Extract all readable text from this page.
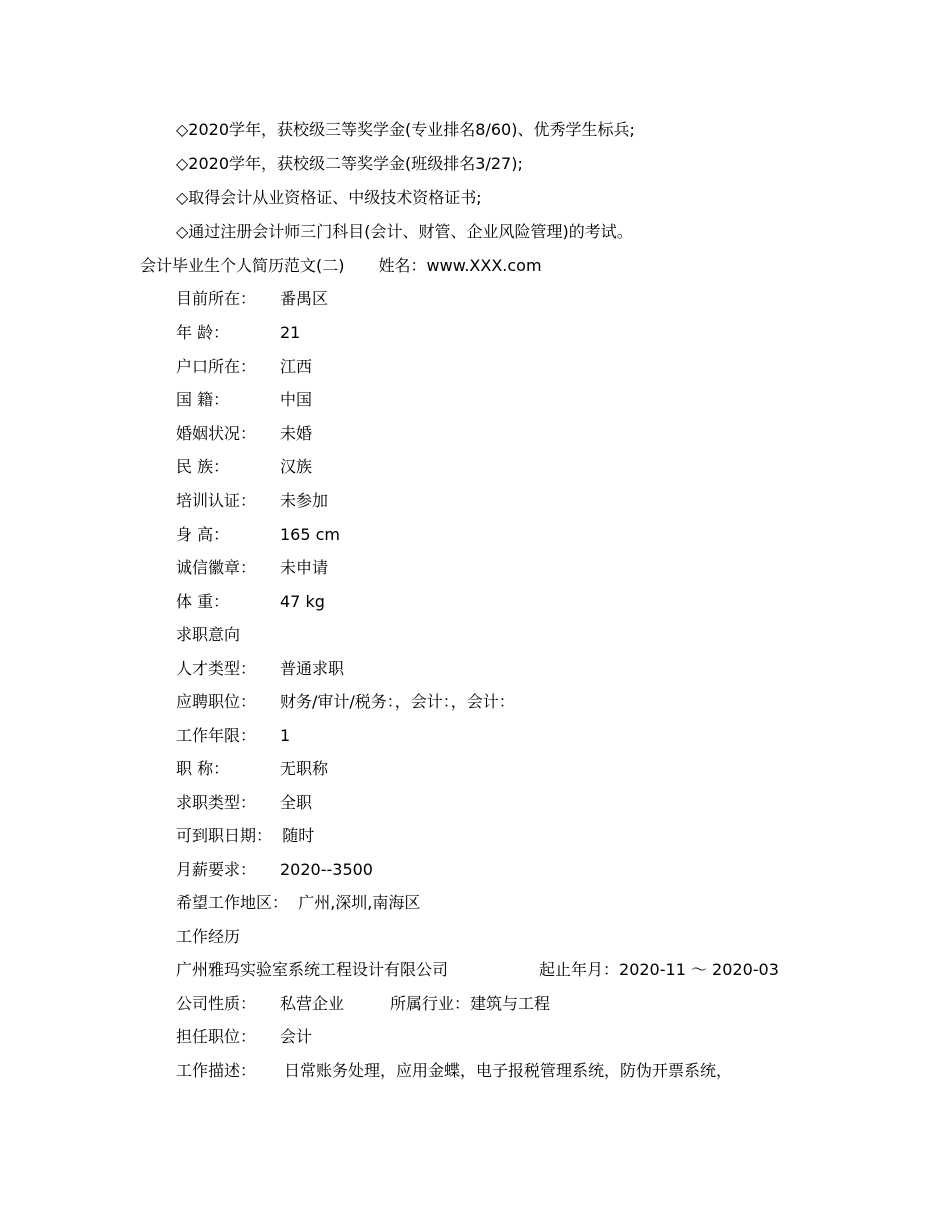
◇2020学年，获校级三等奖学金(专业排名8/60)、优秀学生标兵;
◇2020学年，获校级二等奖学金(班级排名3/27);
◇取得会计从业资格证、中级技术资格证书;
◇通过注册会计师三门科目(会计、财管、企业风险管理)的考试。
会计毕业生个人简历范文(二) 姓名：www.XXX.com
目前所在： 番禺区
年 龄：	21
户口所在： 江西
国 籍：	中国
婚姻状况： 未婚
民 族：	汉族
培训认证： 未参加
身 高：	165 cm
诚信徽章： 未申请
体 重：	47 kg
求职意向
人才类型： 普通求职
应聘职位： 财务/审计/税务：，会计：，会计：
工作年限： 1
职 称：	无职称
求职类型： 全职
可到职日期： 随时
月薪要求： 2020--3500
希望工作地区： 广州,深圳,南海区
工作经历
广州雅玛实验室系统工程设计有限公司	起止年月：2020-11 ～ 2020-03
公司性质： 私营企业	所属行业：建筑与工程
担任职位： 会计
工作描述： 日常账务处理，应用金蝶，电子报税管理系统，防伪开票系统，
